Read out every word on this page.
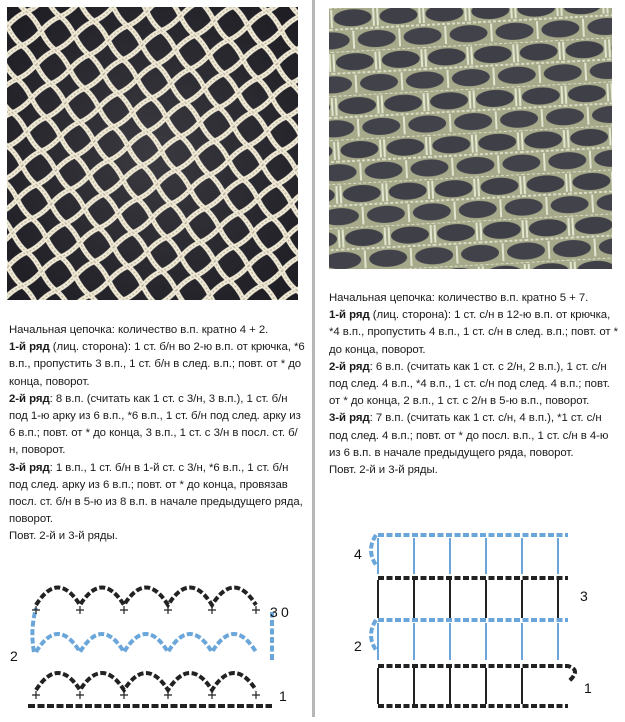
Начальная цепочка: количество в.п. кратно 4 + 2.

1-й ряд (лиц. сторона): 1 ст. б/н во 2-ю в.п. от крючка, *6 в.п., пропустить 3 в.п., 1 ст. б/н в след. в.п.; повт. от * до конца, поворот.

2-й ряд: 8 в.п. (считать как 1 ст. с 3/н, 3 в.п.), 1 ст. б/н под 1-ю арку из 6 в.п., *6 в.п., 1 ст. б/н под след. арку из 6 в.п.; повт. от * до конца, 3 в.п., 1 ст. с 3/н в посл. ст. б/н, поворот.

3-й ряд: 1 в.п., 1 ст. б/н в 1-й ст. с 3/н, *6 в.п., 1 ст. б/н под след. арку из 6 в.п.; повт. от * до конца, провязав посл. ст. б/н в 5-ю из 8 в.п. в начале предыдущего ряда, поворот.

Повт. 2-й и 3-й ряды.

Начальная цепочка: количество в.п. кратно 5 + 7.

1-й ряд (лиц. сторона): 1 ст. с/н в 12-ю в.п. от крючка, *4 в.п., пропустить 4 в.п., 1 ст. с/н в след. в.п.; повт. от * до конца, поворот.

2-й ряд: 6 в.п. (считать как 1 ст. с 2/н, 2 в.п.), 1 ст. с/н под след. 4 в.п., *4 в.п., 1 ст. с/н под след. 4 в.п.; повт. от * до конца, 2 в.п., 1 ст. с 2/н в 5-ю в.п., поворот.

3-й ряд: 7 в.п. (считать как 1 ст. с/н, 4 в.п.), *1 ст. с/н под след. 4 в.п.; повт. от * до посл. в.п., 1 ст. с/н в 4-ю из 6 в.п. в начале предыдущего ряда, поворот.

Повт. 2-й и 3-й ряды.

3 0
2
1
4
3
2
1
